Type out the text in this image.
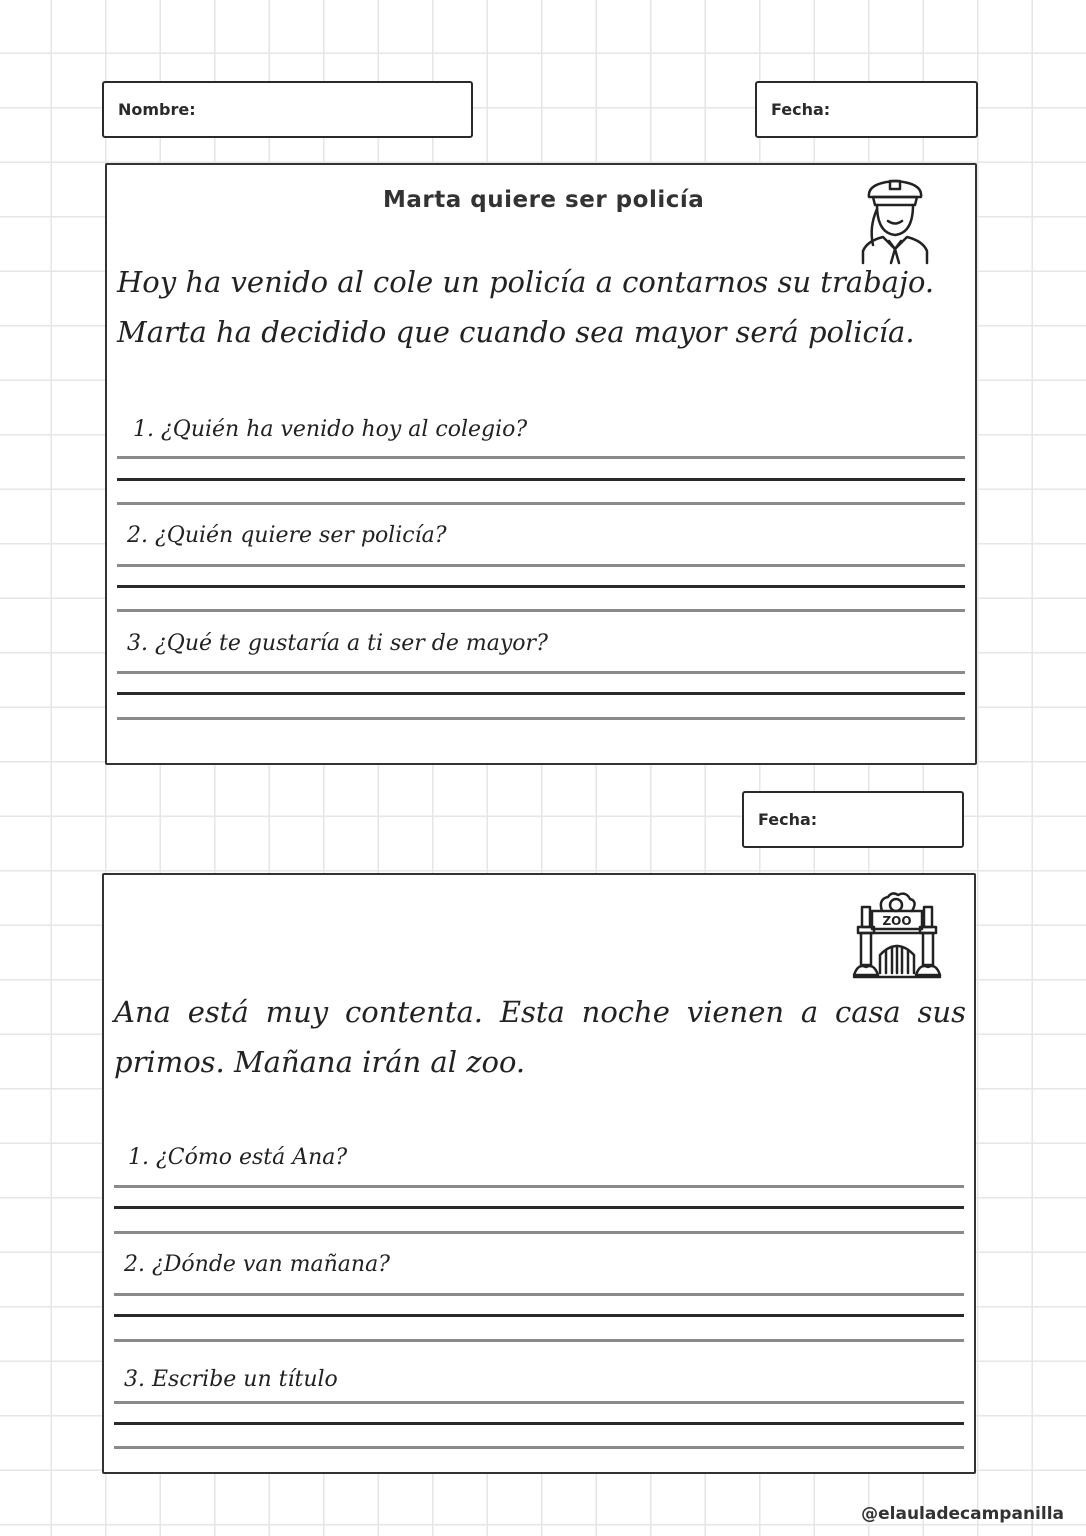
Nombre:	Fecha:
Marta quiere ser policía
Hoy ha venido al cole un policía a contarnos su trabajo.
Marta ha decidido que cuando sea mayor será policía.
1. ¿Quién ha venido hoy al colegio?
2. ¿Quién quiere ser policía?
3. ¿Qué te gustaría a ti ser de mayor?
Fecha:
ZOO
Ana está muy contenta. Esta noche vienen a casa sus
primos. Mañana irán al zoo.
1. ¿Cómo está Ana?
2. ¿Dónde van mañana?
3. Escribe un título
@elauladecampanilla
